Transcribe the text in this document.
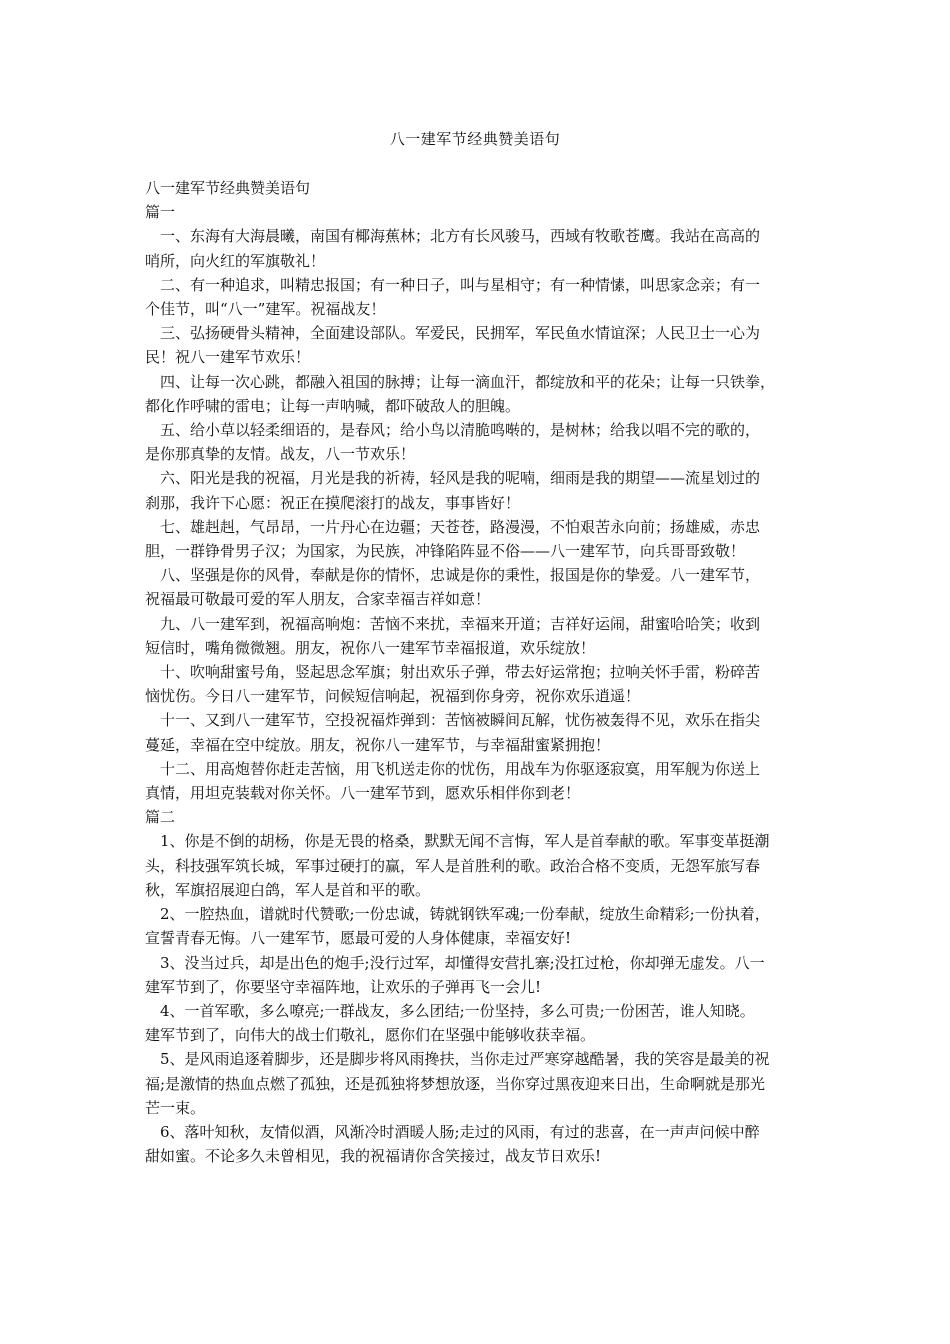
八一建军节经典赞美语句

八一建军节经典赞美语句

篇一

一、东海有大海晨曦，南国有椰海蕉林；北方有长风骏马，西域有牧歌苍鹰。我站在高高的
哨所，向火红的军旗敬礼！

二、有一种追求，叫精忠报国；有一种日子，叫与星相守；有一种情愫，叫思家念亲；有一
个佳节，叫“八一”建军。祝福战友！

三、弘扬硬骨头精神，全面建设部队。军爱民，民拥军，军民鱼水情谊深；人民卫士一心为
民！祝八一建军节欢乐！

四、让每一次心跳，都融入祖国的脉搏；让每一滴血汗，都绽放和平的花朵；让每一只铁拳，
都化作呼啸的雷电；让每一声呐喊，都吓破敌人的胆魄。

五、给小草以轻柔细语的，是春风；给小鸟以清脆鸣啭的，是树林；给我以唱不完的歌的，
是你那真挚的友情。战友，八一节欢乐！

六、阳光是我的祝福，月光是我的祈祷，轻风是我的呢喃，细雨是我的期望——流星划过的
刹那，我许下心愿：祝正在摸爬滚打的战友，事事皆好！

七、雄赳赳，气昂昂，一片丹心在边疆；天苍苍，路漫漫，不怕艰苦永向前；扬雄威，赤忠
胆，一群铮骨男子汉；为国家，为民族，冲锋陷阵显不俗——八一建军节，向兵哥哥致敬！

八、坚强是你的风骨，奉献是你的情怀，忠诚是你的秉性，报国是你的挚爱。八一建军节，
祝福最可敬最可爱的军人朋友，合家幸福吉祥如意！

九、八一建军到，祝福高响炮：苦恼不来扰，幸福来开道；吉祥好运闹，甜蜜哈哈笑；收到
短信时，嘴角微微翘。朋友，祝你八一建军节幸福报道，欢乐绽放！

十、吹响甜蜜号角，竖起思念军旗；射出欢乐子弹，带去好运常抱；拉响关怀手雷，粉碎苦
恼忧伤。今日八一建军节，问候短信响起，祝福到你身旁，祝你欢乐逍遥！

十一、又到八一建军节，空投祝福炸弹到：苦恼被瞬间瓦解，忧伤被轰得不见，欢乐在指尖
蔓延，幸福在空中绽放。朋友，祝你八一建军节，与幸福甜蜜紧拥抱！

十二、用高炮替你赶走苦恼，用飞机送走你的忧伤，用战车为你驱逐寂寞，用军舰为你送上
真情，用坦克装载对你关怀。八一建军节到，愿欢乐相伴你到老！

篇二

1、你是不倒的胡杨，你是无畏的格桑，默默无闻不言悔，军人是首奉献的歌。军事变革挺潮
头，科技强军筑长城，军事过硬打的赢，军人是首胜利的歌。政治合格不变质，无怨军旅写春
秋，军旗招展迎白鸽，军人是首和平的歌。

2、一腔热血，谱就时代赞歌;一份忠诚，铸就钢铁军魂;一份奉献，绽放生命精彩;一份执着，
宣誓青春无悔。八一建军节，愿最可爱的人身体健康，幸福安好!

3、没当过兵，却是出色的炮手;没行过军，却懂得安营扎寨;没扛过枪，你却弹无虚发。八一
建军节到了，你要坚守幸福阵地，让欢乐的子弹再飞一会儿!

4、一首军歌，多么嘹亮;一群战友，多么团结;一份坚持，多么可贵;一份困苦，谁人知晓。
建军节到了，向伟大的战士们敬礼，愿你们在坚强中能够收获幸福。

5、是风雨追逐着脚步，还是脚步将风雨搀扶，当你走过严寒穿越酷暑，我的笑容是最美的祝
福;是激情的热血点燃了孤独，还是孤独将梦想放逐，当你穿过黑夜迎来日出，生命啊就是那光
芒一束。

6、落叶知秋，友情似酒，风渐冷时酒暖人肠;走过的风雨，有过的悲喜，在一声声问候中醉
甜如蜜。不论多久未曾相见，我的祝福请你含笑接过，战友节日欢乐!
